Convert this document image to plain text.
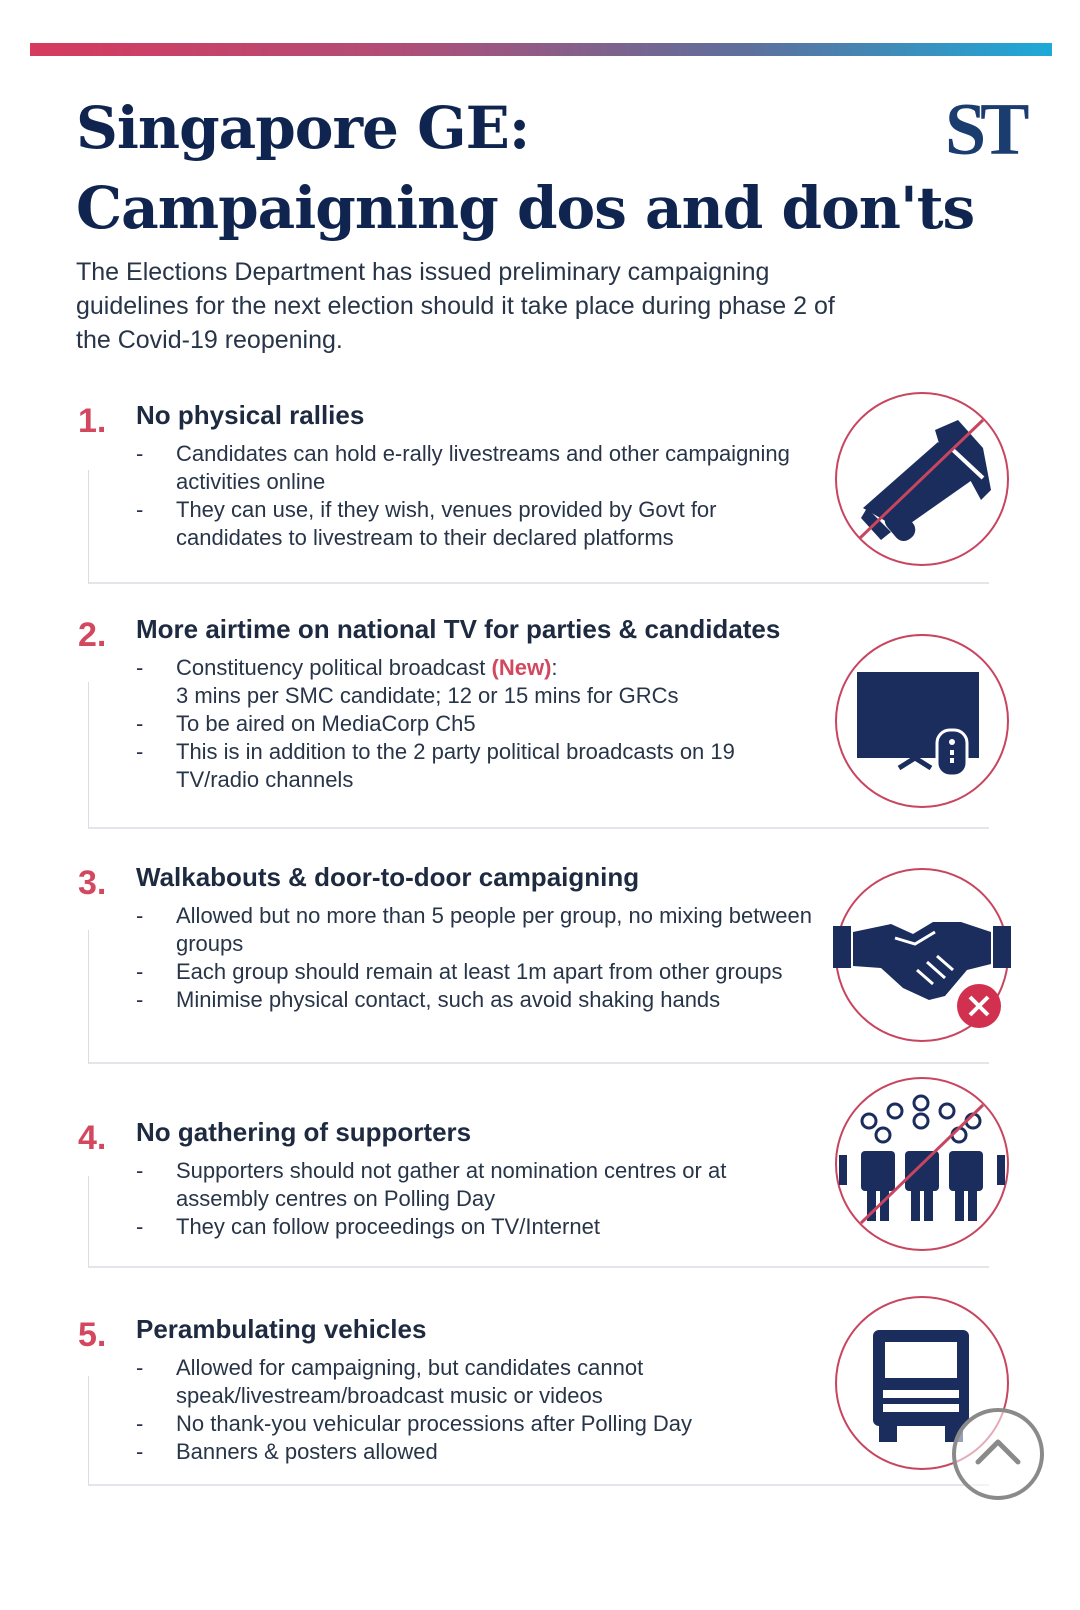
Singapore GE:
Campaigning dos and don'ts
ST
The Elections Department has issued preliminary campaigning guidelines for the next election should it take place during phase 2 of the Covid-19 reopening.
1. No physical rallies
- Candidates can hold e-rally livestreams and other campaigning activities online
- They can use, if they wish, venues provided by Govt for candidates to livestream to their declared platforms
2. More airtime on national TV for parties & candidates
- Constituency political broadcast (New):
3 mins per SMC candidate; 12 or 15 mins for GRCs
- To be aired on MediaCorp Ch5
- This is in addition to the 2 party political broadcasts on 19 TV/radio channels
3. Walkabouts & door-to-door campaigning
- Allowed but no more than 5 people per group, no mixing between groups
- Each group should remain at least 1m apart from other groups
- Minimise physical contact, such as avoid shaking hands
4. No gathering of supporters
- Supporters should not gather at nomination centres or at assembly centres on Polling Day
- They can follow proceedings on TV/Internet
5. Perambulating vehicles
- Allowed for campaigning, but candidates cannot speak/livestream/broadcast music or videos
- No thank-you vehicular processions after Polling Day
- Banners & posters allowed
